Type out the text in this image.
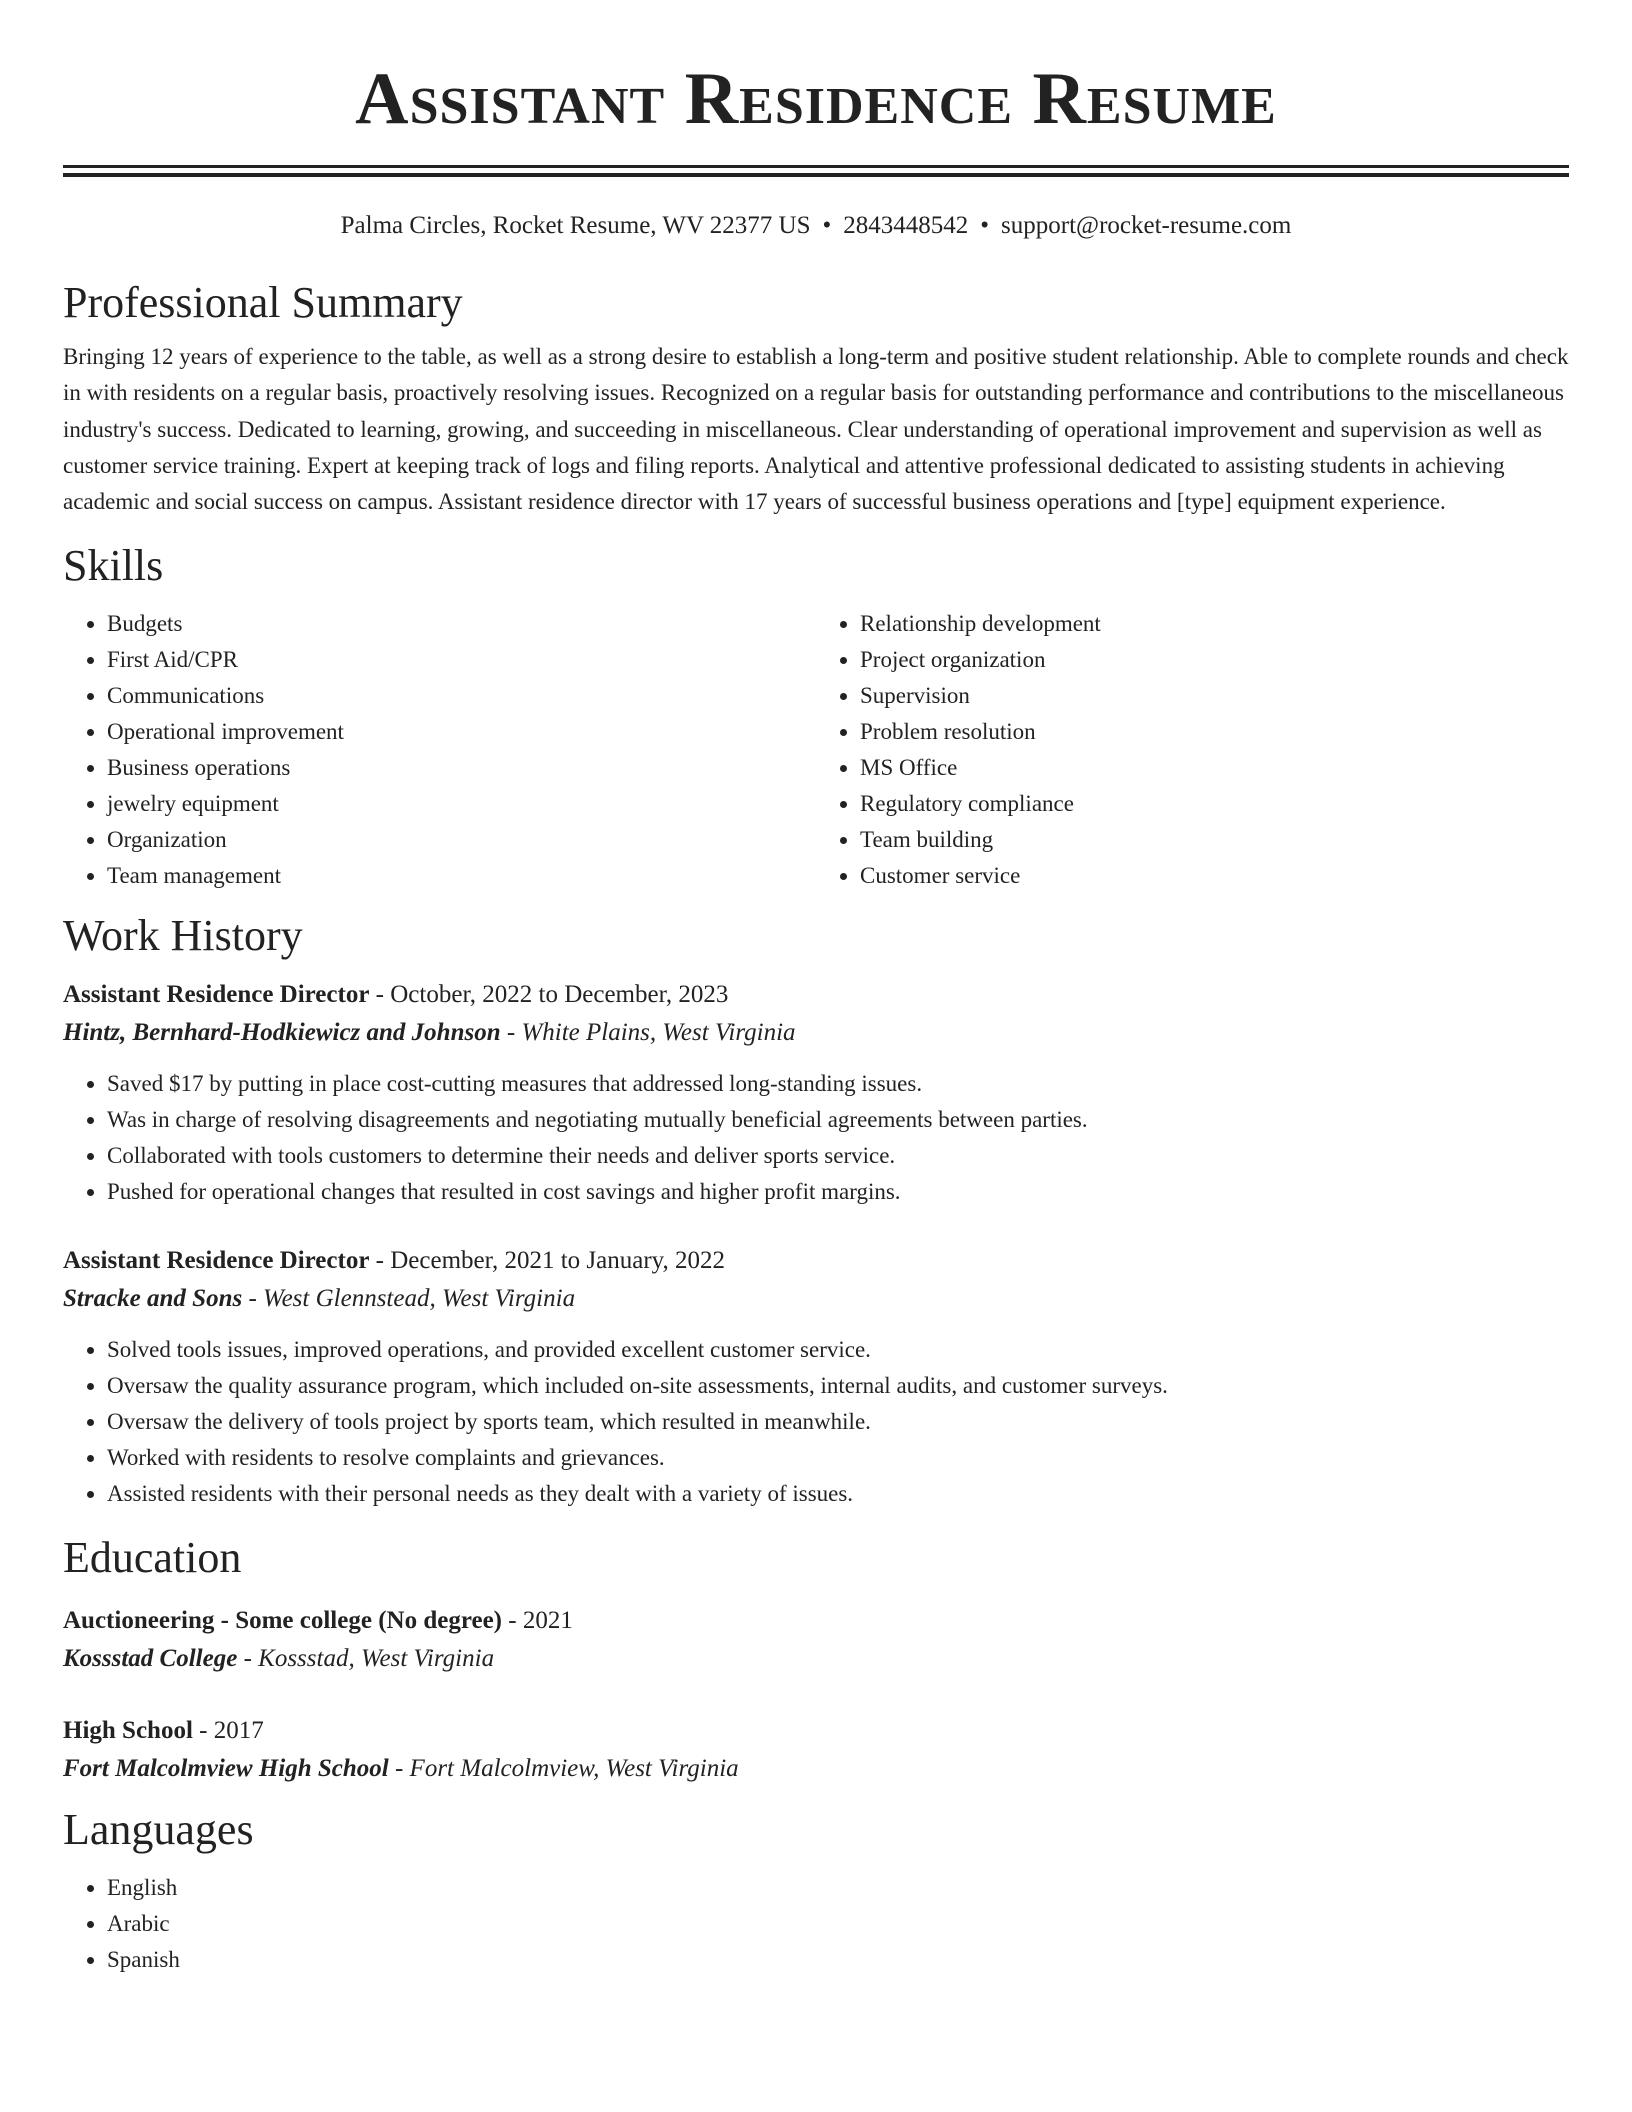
Assistant Residence Resume
Palma Circles, Rocket Resume, WV 22377 US • 2843448542 • support@rocket-resume.com
Professional Summary

Bringing 12 years of experience to the table, as well as a strong desire to establish a long-term and positive student relationship. Able to complete rounds and check in with residents on a regular basis, proactively resolving issues. Recognized on a regular basis for outstanding performance and contributions to the miscellaneous industry's success. Dedicated to learning, growing, and succeeding in miscellaneous. Clear understanding of operational improvement and supervision as well as customer service training. Expert at keeping track of logs and filing reports. Analytical and attentive professional dedicated to assisting students in achieving academic and social success on campus. Assistant residence director with 17 years of successful business operations and [type] equipment experience.

Skills
• Budgets
• First Aid/CPR
• Communications
• Operational improvement
• Business operations
• jewelry equipment
• Organization
• Team management
• Relationship development
• Project organization
• Supervision
• Problem resolution
• MS Office
• Regulatory compliance
• Team building
• Customer service
Work History
Assistant Residence Director - October, 2022 to December, 2023
Hintz, Bernhard-Hodkiewicz and Johnson - White Plains, West Virginia
• Saved $17 by putting in place cost-cutting measures that addressed long-standing issues.
• Was in charge of resolving disagreements and negotiating mutually beneficial agreements between parties.
• Collaborated with tools customers to determine their needs and deliver sports service.
• Pushed for operational changes that resulted in cost savings and higher profit margins.
Assistant Residence Director - December, 2021 to January, 2022
Stracke and Sons - West Glennstead, West Virginia
• Solved tools issues, improved operations, and provided excellent customer service.
• Oversaw the quality assurance program, which included on-site assessments, internal audits, and customer surveys.
• Oversaw the delivery of tools project by sports team, which resulted in meanwhile.
• Worked with residents to resolve complaints and grievances.
• Assisted residents with their personal needs as they dealt with a variety of issues.
Education
Auctioneering - Some college (No degree) - 2021
Kossstad College - Kossstad, West Virginia
High School - 2017
Fort Malcolmview High School - Fort Malcolmview, West Virginia
Languages
• English
• Arabic
• Spanish
